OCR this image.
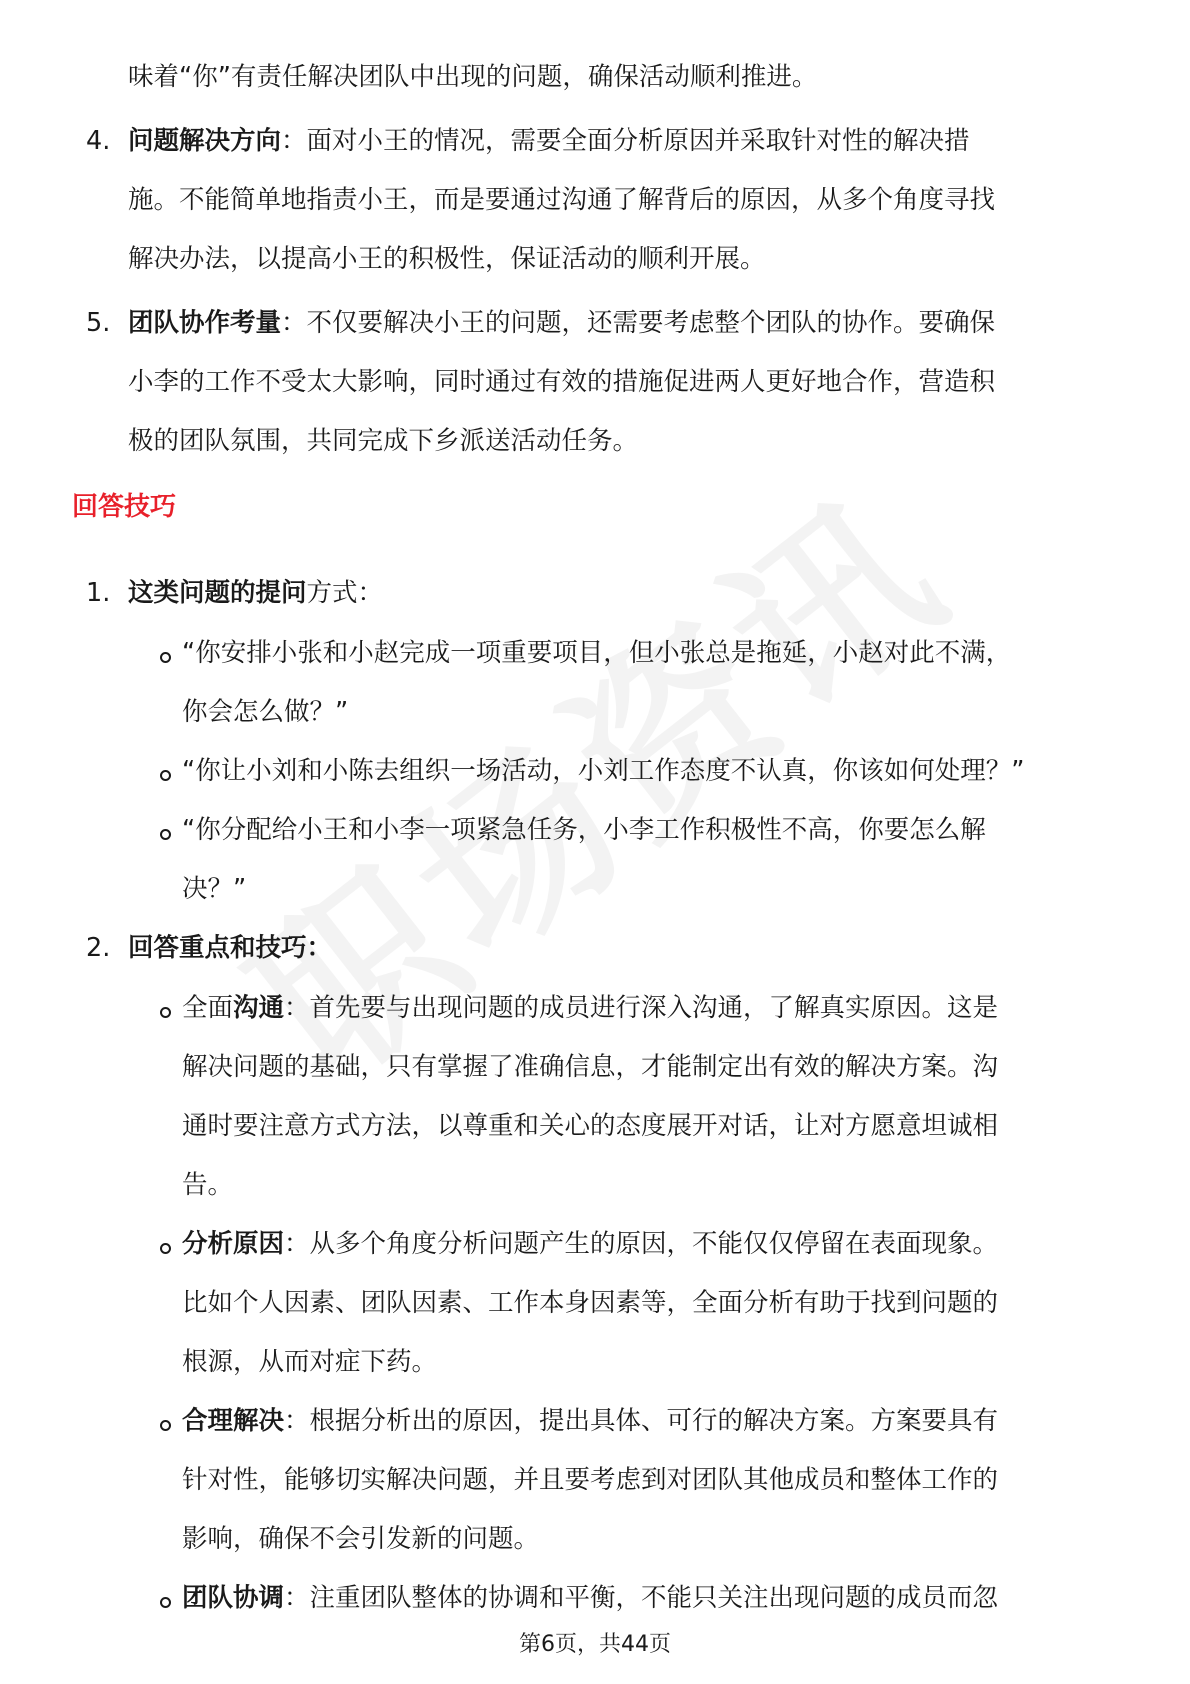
味着“你”有责任解决团队中出现的问题，确保活动顺利推进。
4. 问题解决方向：面对小王的情况，需要全面分析原因并采取针对性的解决措
施。不能简单地指责小王，而是要通过沟通了解背后的原因，从多个角度寻找
解决办法，以提高小王的积极性，保证活动的顺利开展。
5. 团队协作考量：不仅要解决小王的问题，还需要考虑整个团队的协作。要确保
小李的工作不受太大影响，同时通过有效的措施促进两人更好地合作，营造积
极的团队氛围，共同完成下乡派送活动任务。
回答技巧
1. 这类问题的提问方式：
“你安排小张和小赵完成一项重要项目，但小张总是拖延，小赵对此不满，
你会怎么做？”
“你让小刘和小陈去组织一场活动，小刘工作态度不认真，你该如何处理？”
“你分配给小王和小李一项紧急任务，小李工作积极性不高，你要怎么解
决？”
2. 回答重点和技巧：
全面沟通：首先要与出现问题的成员进行深入沟通，了解真实原因。这是
解决问题的基础，只有掌握了准确信息，才能制定出有效的解决方案。沟
通时要注意方式方法，以尊重和关心的态度展开对话，让对方愿意坦诚相
告。
分析原因：从多个角度分析问题产生的原因，不能仅仅停留在表面现象。
比如个人因素、团队因素、工作本身因素等，全面分析有助于找到问题的
根源，从而对症下药。
合理解决：根据分析出的原因，提出具体、可行的解决方案。方案要具有
针对性，能够切实解决问题，并且要考虑到对团队其他成员和整体工作的
影响，确保不会引发新的问题。
团队协调：注重团队整体的协调和平衡，不能只关注出现问题的成员而忽
第6页，共44页
